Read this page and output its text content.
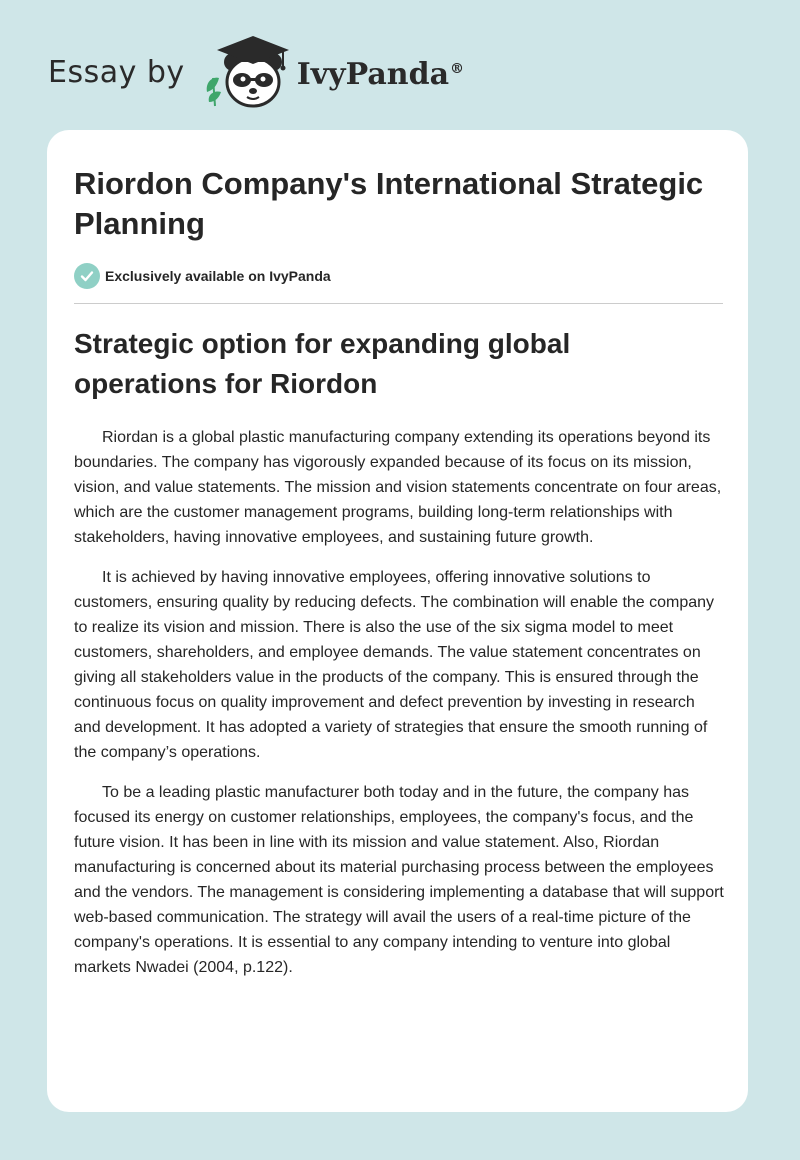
Essay by	IvyPanda®
Riordon Company's International Strategic Planning
Exclusively available on IvyPanda
Strategic option for expanding global operations for Riordon

Riordan is a global plastic manufacturing company extending its operations beyond its boundaries. The company has vigorously expanded because of its focus on its mission, vision, and value statements. The mission and vision statements concentrate on four areas, which are the customer management programs, building long-term relationships with stakeholders, having innovative employees, and sustaining future growth.

It is achieved by having innovative employees, offering innovative solutions to customers, ensuring quality by reducing defects. The combination will enable the company to realize its vision and mission. There is also the use of the six sigma model to meet customers, shareholders, and employee demands. The value statement concentrates on giving all stakeholders value in the products of the company. This is ensured through the continuous focus on quality improvement and defect prevention by investing in research and development. It has adopted a variety of strategies that ensure the smooth running of the company’s operations.

To be a leading plastic manufacturer both today and in the future, the company has focused its energy on customer relationships, employees, the company's focus, and the future vision. It has been in line with its mission and value statement. Also, Riordan manufacturing is concerned about its material purchasing process between the employees and the vendors. The management is considering implementing a database that will support web-based communication. The strategy will avail the users of a real-time picture of the company's operations. It is essential to any company intending to venture into global markets Nwadei (2004, p.122).
